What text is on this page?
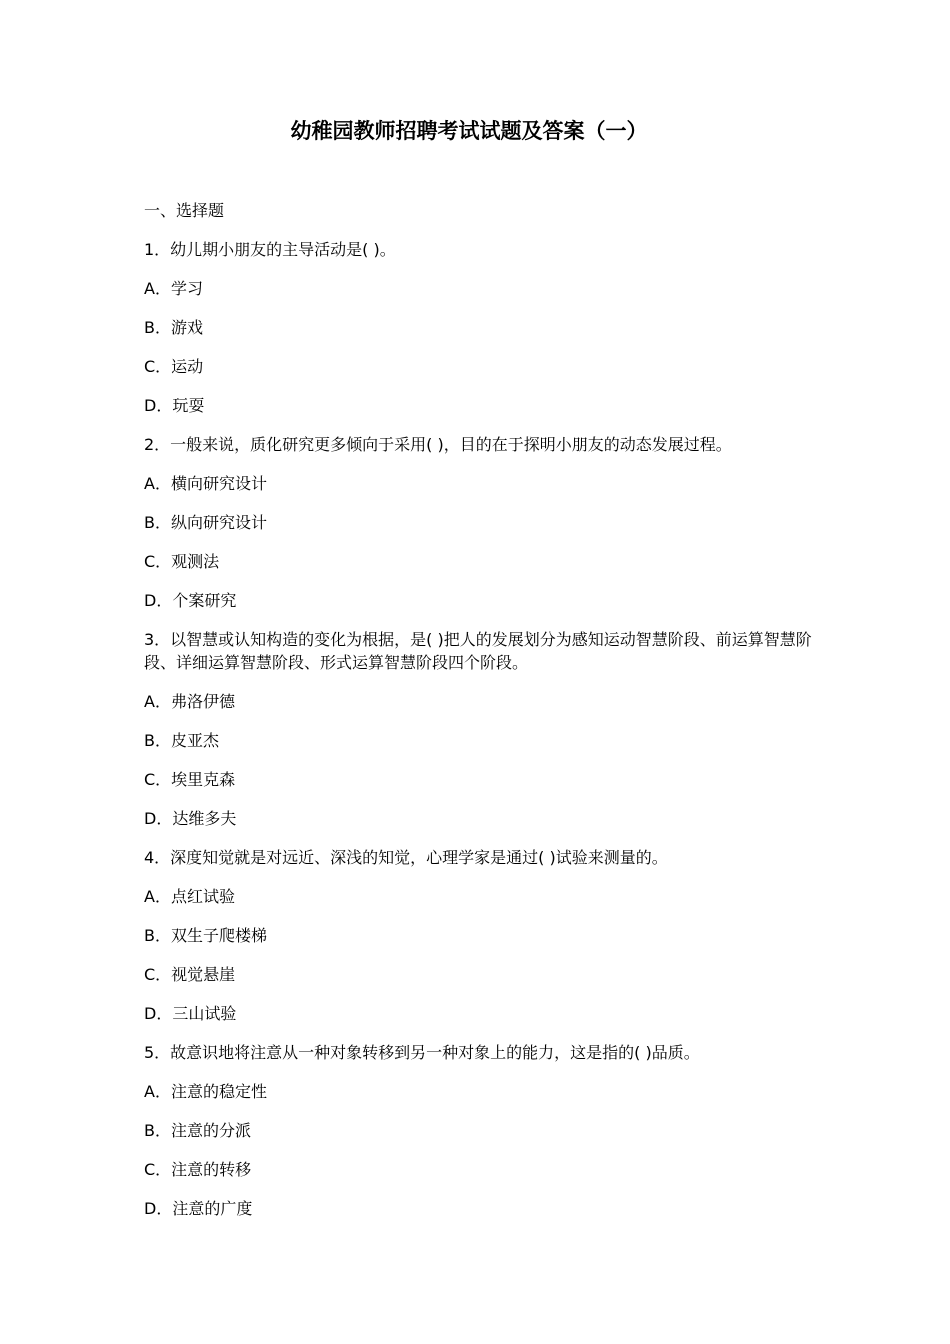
幼稚园教师招聘考试试题及答案（一）
一、选择题
1．幼儿期小朋友的主导活动是( )。
A．学习
B．游戏
C．运动
D．玩耍
2．一般来说，质化研究更多倾向于采用( )，目的在于探明小朋友的动态发展过程。
A．横向研究设计
B．纵向研究设计
C．观测法
D．个案研究
3．以智慧或认知构造的变化为根据，是( )把人的发展划分为感知运动智慧阶段、前运算智慧阶段、详细运算智慧阶段、形式运算智慧阶段四个阶段。
A．弗洛伊德
B．皮亚杰
C．埃里克森
D．达维多夫
4．深度知觉就是对远近、深浅的知觉，心理学家是通过( )试验来测量的。
A．点红试验
B．双生子爬楼梯
C．视觉悬崖
D．三山试验
5．故意识地将注意从一种对象转移到另一种对象上的能力，这是指的( )品质。
A．注意的稳定性
B．注意的分派
C．注意的转移
D．注意的广度
